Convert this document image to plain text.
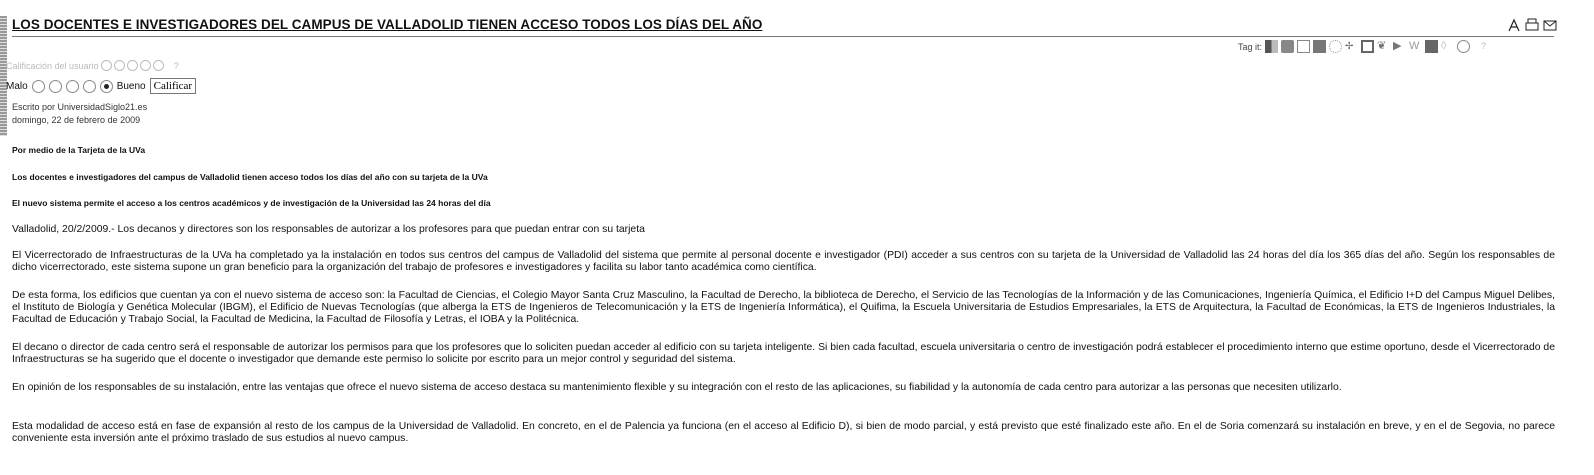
LOS DOCENTES E INVESTIGADORES DEL CAMPUS DE VALLADOLID TIENEN ACCESO TODOS LOS DÍAS DEL AÑO
Tag it:	✢	❦ ▶ W ◊	?
Calificación del usuario	?
Malo	Bueno Calificar
Escrito por UniversidadSiglo21.es
domingo, 22 de febrero de 2009
Por medio de la Tarjeta de la UVa
Los docentes e investigadores del campus de Valladolid tienen acceso todos los días del año con su tarjeta de la UVa
El nuevo sistema permite el acceso a los centros académicos y de investigación de la Universidad las 24 horas del día
Valladolid, 20/2/2009.- Los decanos y directores son los responsables de autorizar a los profesores para que puedan entrar con su tarjeta
El Vicerrectorado de Infraestructuras de la UVa ha completado ya la instalación en todos sus centros del campus de Valladolid del sistema que permite al personal docente e investigador (PDI) acceder a sus centros con su tarjeta de la Universidad de Valladolid las 24 horas del día los 365 días del año. Según los responsables de dicho vicerrectorado, este sistema supone un gran beneficio para la organización del trabajo de profesores e investigadores y facilita su labor tanto académica como científica.
De esta forma, los edificios que cuentan ya con el nuevo sistema de acceso son: la Facultad de Ciencias, el Colegio Mayor Santa Cruz Masculino, la Facultad de Derecho, la biblioteca de Derecho, el Servicio de las Tecnologías de la Información y de las Comunicaciones, Ingeniería Química, el Edificio I+D del Campus Miguel Delibes, el Instituto de Biología y Genética Molecular (IBGM), el Edificio de Nuevas Tecnologías (que alberga la ETS de Ingenieros de Telecomunicación y la ETS de Ingeniería Informática), el Quifima, la Escuela Universitaria de Estudios Empresariales, la ETS de Arquitectura, la Facultad de Económicas, la ETS de Ingenieros Industriales, la Facultad de Educación y Trabajo Social, la Facultad de Medicina, la Facultad de Filosofía y Letras, el IOBA y la Politécnica.
El decano o director de cada centro será el responsable de autorizar los permisos para que los profesores que lo soliciten puedan acceder al edificio con su tarjeta inteligente. Si bien cada facultad, escuela universitaria o centro de investigación podrá establecer el procedimiento interno que estime oportuno, desde el Vicerrectorado de Infraestructuras se ha sugerido que el docente o investigador que demande este permiso lo solicite por escrito para un mejor control y seguridad del sistema.
En opinión de los responsables de su instalación, entre las ventajas que ofrece el nuevo sistema de acceso destaca su mantenimiento flexible y su integración con el resto de las aplicaciones, su fiabilidad y la autonomía de cada centro para autorizar a las personas que necesiten utilizarlo.
Esta modalidad de acceso está en fase de expansión al resto de los campus de la Universidad de Valladolid. En concreto, en el de Palencia ya funciona (en el acceso al Edificio D), si bien de modo parcial, y está previsto que esté finalizado este año. En el de Soria comenzará su instalación en breve, y en el de Segovia, no parece conveniente esta inversión ante el próximo traslado de sus estudios al nuevo campus.
